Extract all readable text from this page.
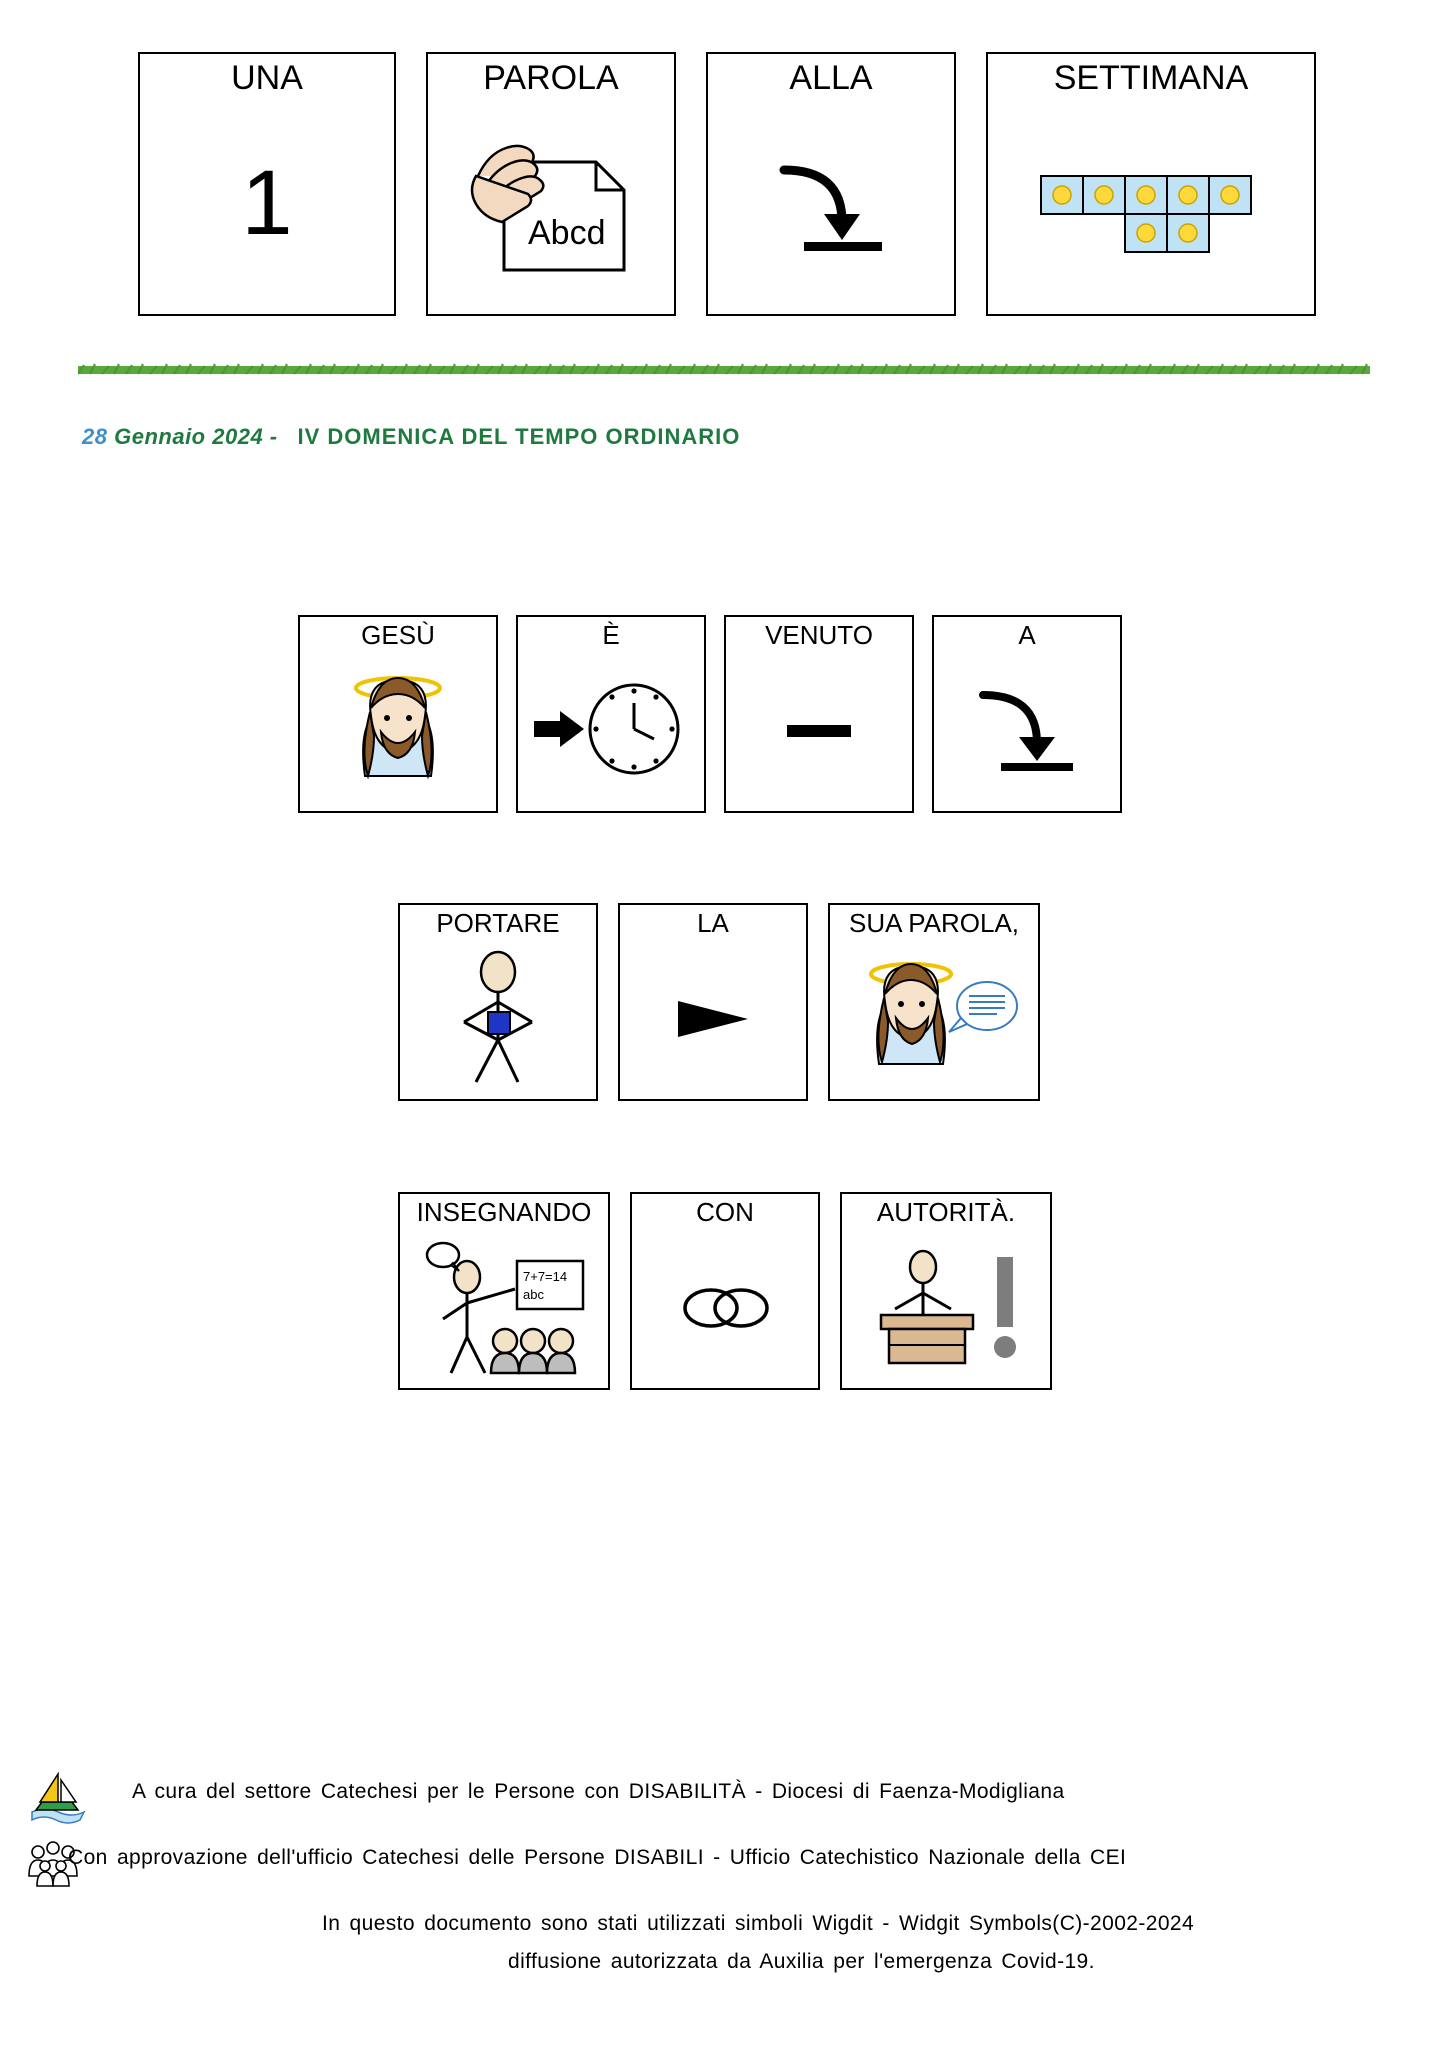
UNA
1
PAROLA
Abcd
ALLA	SETTIMANA
28 Gennaio 2024 - IV DOMENICA DEL TEMPO ORDINARIO
GESÙ	È	VENUTO	A
PORTARE	LA	SUA PAROLA,
INSEGNANDO
7+7=14
abc
CON	AUTORITÀ.
A cura del settore Catechesi per le Persone con DISABILITÀ - Diocesi di Faenza-Modigliana
Con approvazione dell'ufficio Catechesi delle Persone DISABILI - Ufficio Catechistico Nazionale della CEI
In questo documento sono stati utilizzati simboli Wigdit - Widgit Symbols(C)-2002-2024
diffusione autorizzata da Auxilia per l'emergenza Covid-19.
